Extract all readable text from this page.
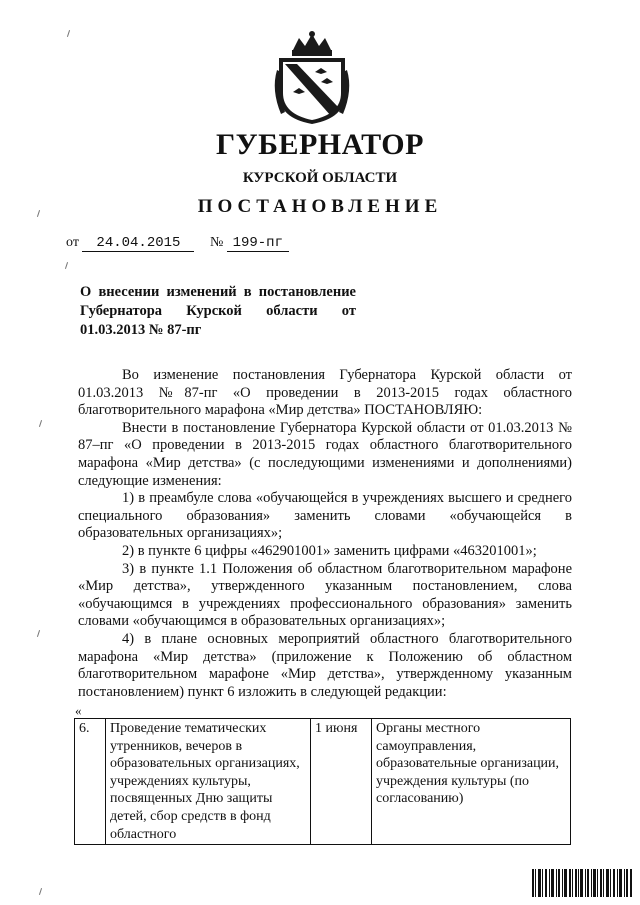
ГУБЕРНАТОР
КУРСКОЙ ОБЛАСТИ
ПОСТАНОВЛЕНИЕ
от 24.04.2015 № 199-пг
О внесении изменений в постановление Губернатора Курской области от 01.03.2013 № 87-пг

Во изменение постановления Губернатора Курской области от 01.03.2013 №87-пг «О проведении в 2013-2015 годах областного благотворительного марафона «Мир детства» ПОСТАНОВЛЯЮ:

Внести в постановление Губернатора Курской области от 01.03.2013 № 87–пг «О проведении в 2013-2015 годах областного благотворительного марафона «Мир детства» (с последующими изменениями и дополнениями) следующие изменения:

1) в преамбуле слова «обучающейся в учреждениях высшего и среднего специального образования» заменить словами «обучающейся в образовательных организациях»;

2) в пункте 6 цифры «462901001» заменить цифрами «463201001»;

3) в пункте 1.1 Положения об областном благотворительном марафоне «Мир детства», утвержденного указанным постановлением, слова «обучающимся в учреждениях профессионального образования» заменить словами «обучающимся в образовательных организациях»;

4) в плане основных мероприятий областного благотворительного марафона «Мир детства» (приложение к Положению об областном благотворительном марафоне «Мир детства», утвержденному указанным постановлением) пункт 6 изложить в следующей редакции:

«
6.	Проведение тематических утренников, вечеров в образовательных организациях, учреждениях культуры, посвященных Дню защиты детей, сбор средств в фонд областного	1 июня	Органы местного самоуправления, образовательные организации, учреждения культуры (по согласованию)
